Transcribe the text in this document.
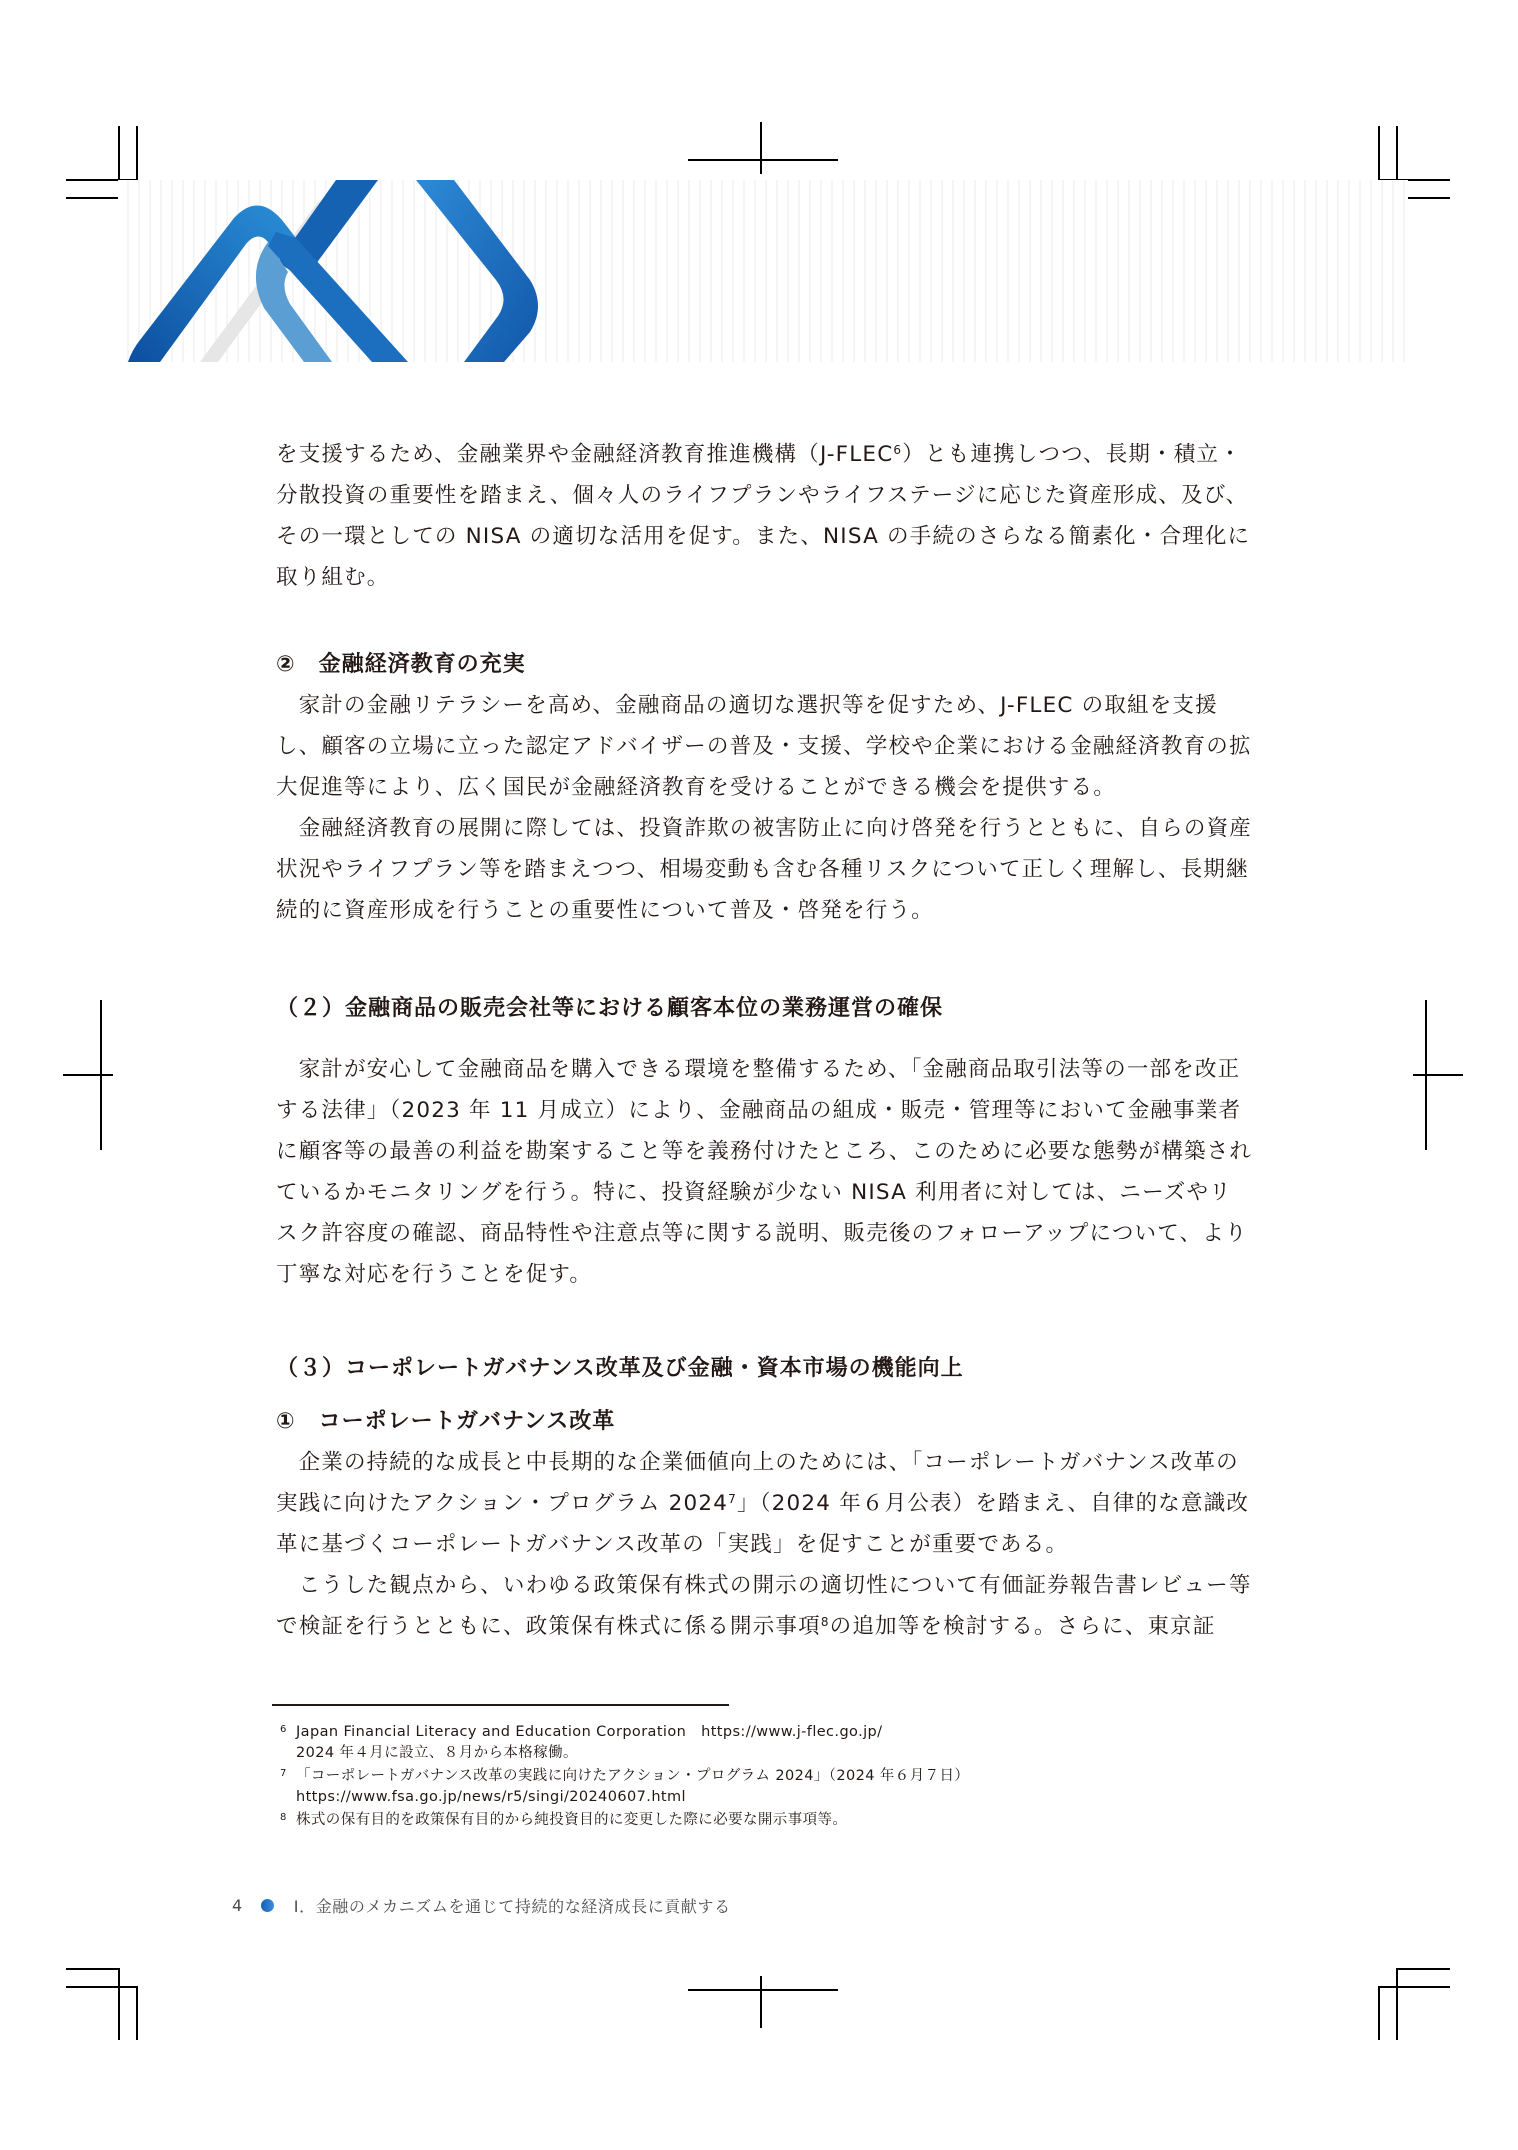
を支援するため、金融業界や金融経済教育推進機構（J-FLEC$^6$）とも連携しつつ、長期・積立・分散投資の重要性を踏まえ、個々人のライフプランやライフステージに応じた資産形成、及び、その一環としての NISA の適切な活用を促す。また、NISA の手続のさらなる簡素化・合理化に取り組む。

②　金融経済教育の充実

家計の金融リテラシーを高め、金融商品の適切な選択等を促すため、J-FLEC の取組を支援し、顧客の立場に立った認定アドバイザーの普及・支援、学校や企業における金融経済教育の拡大促進等により、広く国民が金融経済教育を受けることができる機会を提供する。

金融経済教育の展開に際しては、投資詐欺の被害防止に向け啓発を行うとともに、自らの資産状況やライフプラン等を踏まえつつ、相場変動も含む各種リスクについて正しく理解し、長期継続的に資産形成を行うことの重要性について普及・啓発を行う。

（２）金融商品の販売会社等における顧客本位の業務運営の確保

家計が安心して金融商品を購入できる環境を整備するため、「金融商品取引法等の一部を改正する法律」（2023 年 11 月成立）により、金融商品の組成・販売・管理等において金融事業者に顧客等の最善の利益を勘案すること等を義務付けたところ、このために必要な態勢が構築されているかモニタリングを行う。特に、投資経験が少ない NISA 利用者に対しては、ニーズやリスク許容度の確認、商品特性や注意点等に関する説明、販売後のフォローアップについて、より丁寧な対応を行うことを促す。

（３）コーポレートガバナンス改革及び金融・資本市場の機能向上

①　コーポレートガバナンス改革

企業の持続的な成長と中長期的な企業価値向上のためには、「コーポレートガバナンス改革の実践に向けたアクション・プログラム 2024$^7$」（2024 年６月公表）を踏まえ、自律的な意識改革に基づくコーポレートガバナンス改革の「実践」を促すことが重要である。

こうした観点から、いわゆる政策保有株式の開示の適切性について有価証券報告書レビュー等で検証を行うとともに、政策保有株式に係る開示事項$^8$の追加等を検討する。さらに、東京証

6 Japan Financial Literacy and Education Corporation　https://www.j-flec.go.jp/
2024 年４月に設立、８月から本格稼働。
7 「コーポレートガバナンス改革の実践に向けたアクション・プログラム 2024」（2024 年６月７日）
https://www.fsa.go.jp/news/r5/singi/20240607.html
8 株式の保有目的を政策保有目的から純投資目的に変更した際に必要な開示事項等。
4	Ⅰ．金融のメカニズムを通じて持続的な経済成長に貢献する
